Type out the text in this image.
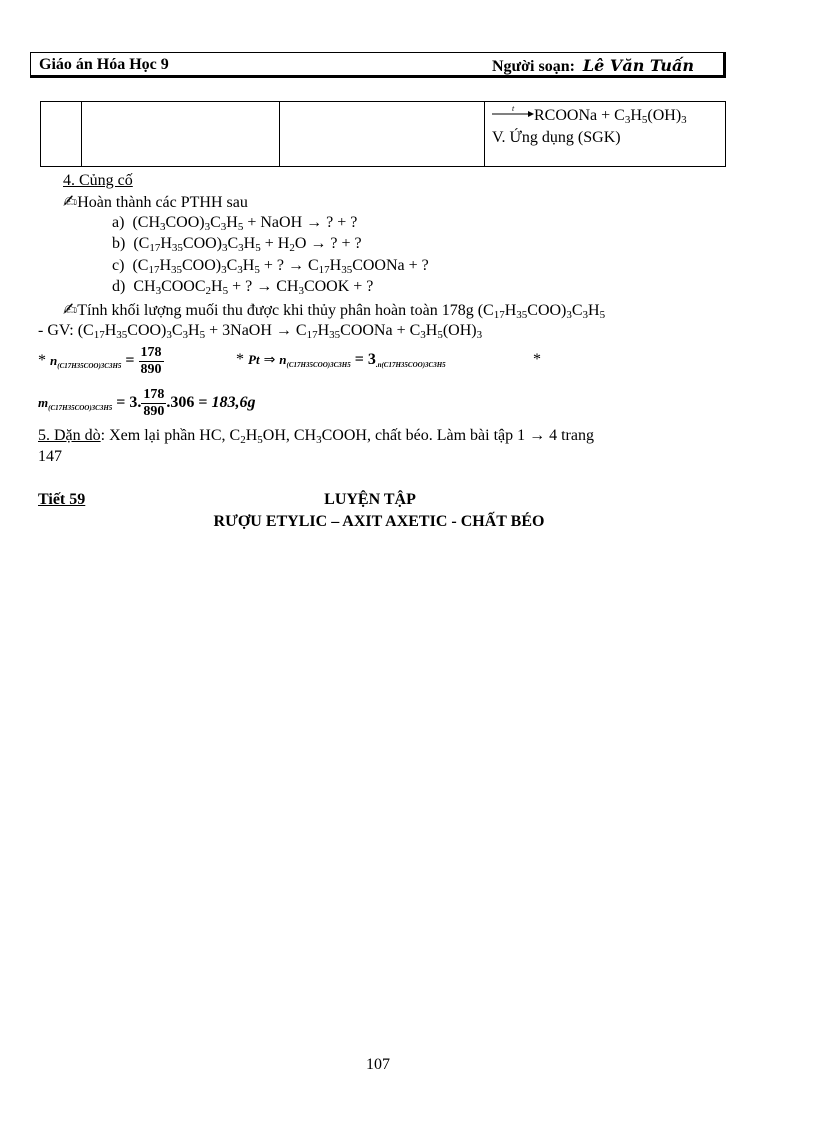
Giáo án Hóa Học 9	Người soạn: Lê Văn Tuấn

t RCOONa + $C_3H_5(OH)_3$
V. Ứng dụng (SGK)
4. Củng cố
✍Hoàn thành các PTHH sau
a)  $(CH_3COO)_3C_3H_5$ + NaOH → ? + ?
b)  $(C_{17}H_{35}COO)_3C_3H_5 + H_2O$ → ? + ?
c)  $(C_{17}H_{35}COO)_3C_3H_5$ + ? → $C_{17}H_{35}COONa$ + ?
d)  $CH_3COOC_2H_5$ + ? → $CH_3COOK$ + ?
✍Tính khối lượng muối thu được khi thủy phân hoàn toàn 178g $(C_{17}H_{35}COO)_3C_3H_5$
- GV: $(C_{17}H_{35}COO)_3C_3H_5$ + 3NaOH → $C_{17}H_{35}COONa + C_3H_5(OH)_3$
* $n(C17H35COO)3C3H5 = \frac{178}{890}$	* Pt ⇒ n(C17H35COO)3C3H5 = 3.n(C17H35COO)3C3H5	*
m(C17H35COO)3C3H5 = 3. $\frac{178}{890} .306 = 183,6g$
5. Dặn dò: Xem lại phần HC, $C_2H_5OH$, $CH_3COOH$, chất béo. Làm bài tập 1 → 4 trang
147
Tiết 59	LUYỆN TẬP
RƯỢU ETYLIC – AXIT AXETIC - CHẤT BÉO
107
